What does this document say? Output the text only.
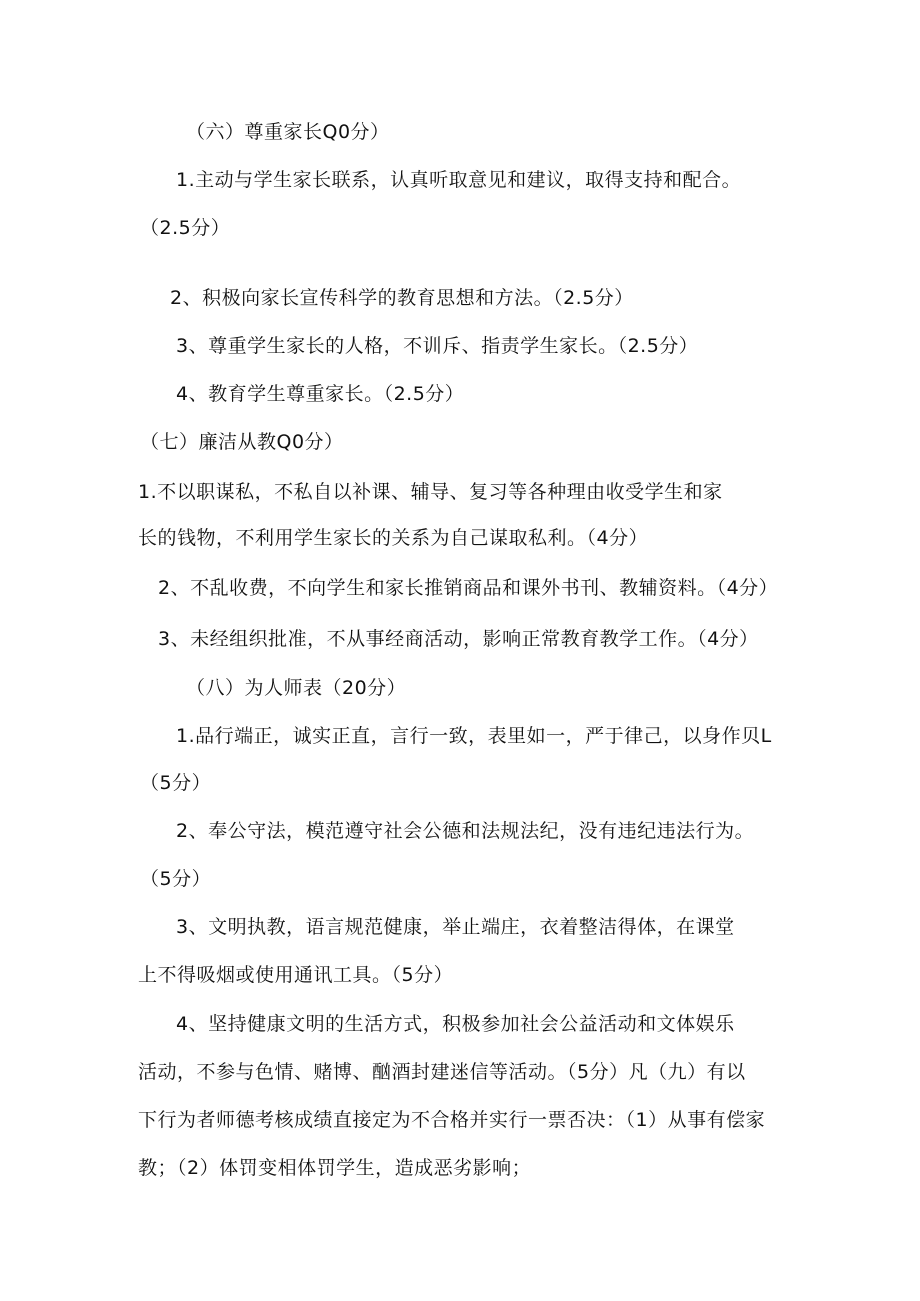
（六）尊重家长Q0分）

1.主动与学生家长联系，认真听取意见和建议，取得支持和配合。

（2.5分）

2、积极向家长宣传科学的教育思想和方法。（2.5分）

3、尊重学生家长的人格，不训斥、指责学生家长。（2.5分）

4、教育学生尊重家长。（2.5分）

（七）廉洁从教Q0分）

1.不以职谋私，不私自以补课、辅导、复习等各种理由收受学生和家

长的钱物，不利用学生家长的关系为自己谋取私利。（4分）

2、不乱收费，不向学生和家长推销商品和课外书刊、教辅资料。（4分）

3、未经组织批准，不从事经商活动，影响正常教育教学工作。（4分）

（八）为人师表（20分）

1.品行端正，诚实正直，言行一致，表里如一，严于律己，以身作贝L

（5分）

2、奉公守法，模范遵守社会公德和法规法纪，没有违纪违法行为。

（5分）

3、文明执教，语言规范健康，举止端庄，衣着整洁得体，在课堂

上不得吸烟或使用通讯工具。（5分）

4、坚持健康文明的生活方式，积极参加社会公益活动和文体娱乐

活动，不参与色情、赌博、酗酒封建迷信等活动。（5分）凡（九）有以

下行为者师德考核成绩直接定为不合格并实行一票否决：（1）从事有偿家

教；（2）体罚变相体罚学生，造成恶劣影响；
